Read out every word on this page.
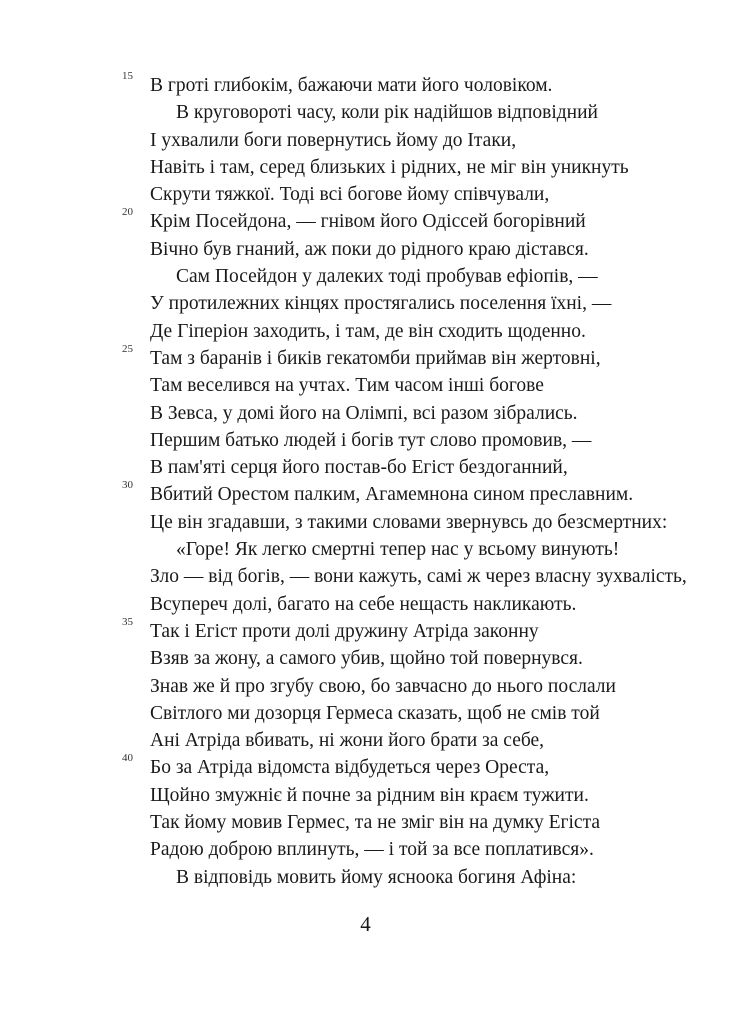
15 В гроті глибокім, бажаючи мати його чоловіком.
В круговороті часу, коли рік надійшов відповідний
І ухвалили боги повернутись йому до Ітаки,
Навіть і там, серед близьких і рідних, не міг він уникнуть
Скрути тяжкої. Тоді всі богове йому співчували,
20 Крім Посейдона, — гнівом його Одіссей богорівний
Вічно був гнаний, аж поки до рідного краю дістався.
Сам Посейдон у далеких тоді пробував ефіопів, —
У протилежних кінцях простягались поселення їхні, —
Де Гіперіон заходить, і там, де він сходить щоденно.
25 Там з баранів і биків гекатомби приймав він жертовні,
Там веселився на учтах. Тим часом інші богове
В Зевса, у домі його на Олімпі, всі разом зібрались.
Першим батько людей і богів тут слово промовив, —
В пам'яті серця його постав-бо Егіст бездоганний,
30 Вбитий Орестом палким, Агамемнона сином преславним.
Це він згадавши, з такими словами звернувсь до безсмертних:
«Горе! Як легко смертні тепер нас у всьому винують!
Зло — від богів, — вони кажуть, самі ж через власну зухвалість,
Всупереч долі, багато на себе нещасть накликають.
35 Так і Егіст проти долі дружину Атріда законну
Взяв за жону, а самого убив, щойно той повернувся.
Знав же й про згубу свою, бо завчасно до нього послали
Світлого ми дозорця Гермеса сказать, щоб не смів той
Ані Атріда вбивать, ні жони його брати за себе,
40 Бо за Атріда відомста відбудеться через Ореста,
Щойно змужніє й почне за рідним він краєм тужити.
Так йому мовив Гермес, та не зміг він на думку Егіста
Радою доброю вплинуть, — і той за все поплатився».
В відповідь мовить йому ясноока богиня Афіна:
4
